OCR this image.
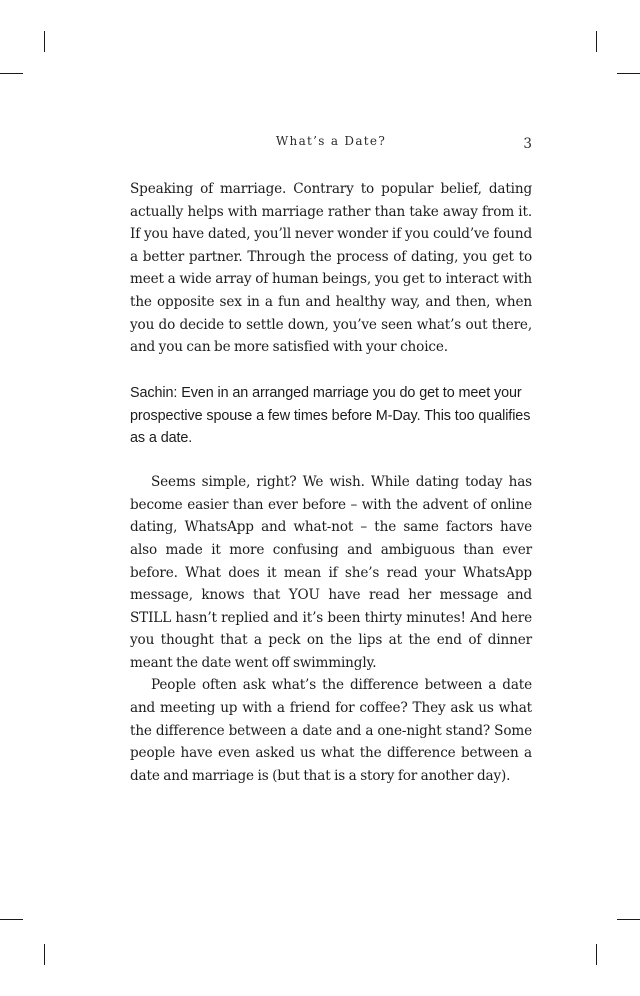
What’s a Date?	3

Speaking of marriage. Contrary to popular belief, dating actually helps with marriage rather than take away from it. If you have dated, you’ll never wonder if you could’ve found a better partner. Through the process of dating, you get to meet a wide array of human beings, you get to interact with the opposite sex in a fun and healthy way, and then, when you do decide to settle down, you’ve seen what’s out there, and you can be more satisfied with your choice.

Sachin: Even in an arranged marriage you do get to meet your prospective spouse a few times before M-Day. This too qualifies as a date.

Seems simple, right? We wish. While dating today has become easier than ever before – with the advent of online dating, WhatsApp and what-not – the same factors have also made it more confusing and ambiguous than ever before. What does it mean if she’s read your WhatsApp message, knows that YOU have read her message and STILL hasn’t replied and it’s been thirty minutes! And here you thought that a peck on the lips at the end of dinner meant the date went off swimmingly.

People often ask what’s the difference between a date and meeting up with a friend for coffee? They ask us what the difference between a date and a one-night stand? Some people have even asked us what the difference between a date and marriage is (but that is a story for another day).
